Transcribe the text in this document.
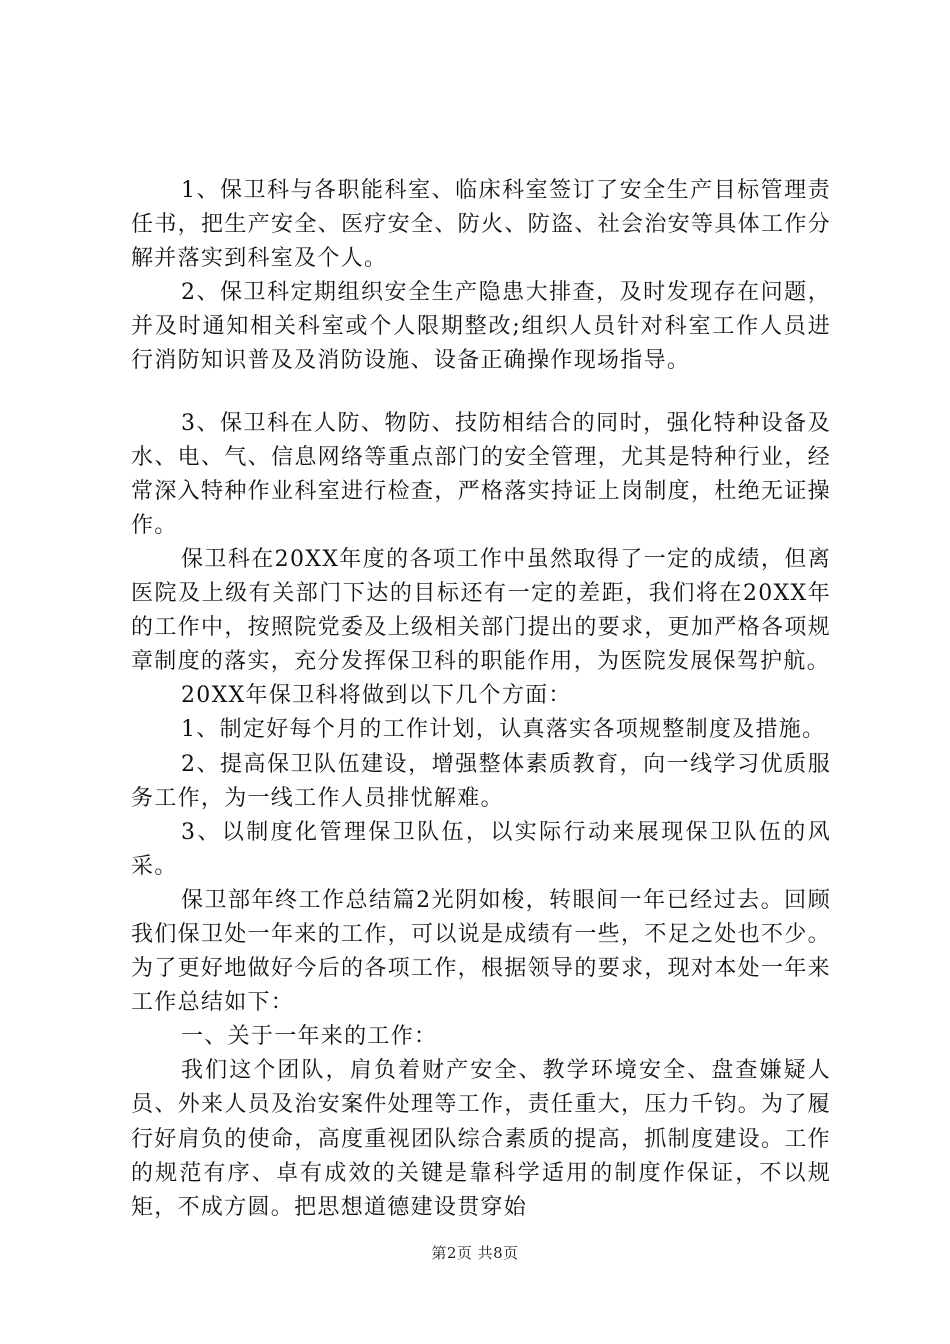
1、保卫科与各职能科室、临床科室签订了安全生产目标管理责任书，把生产安全、医疗安全、防火、防盗、社会治安等具体工作分解并落实到科室及个人。

2、保卫科定期组织安全生产隐患大排查，及时发现存在问题，并及时通知相关科室或个人限期整改;组织人员针对科室工作人员进行消防知识普及及消防设施、设备正确操作现场指导。

3、保卫科在人防、物防、技防相结合的同时，强化特种设备及水、电、气、信息网络等重点部门的安全管理，尤其是特种行业，经常深入特种作业科室进行检查，严格落实持证上岗制度，杜绝无证操作。

保卫科在20XX年度的各项工作中虽然取得了一定的成绩，但离医院及上级有关部门下达的目标还有一定的差距，我们将在20XX年的工作中，按照院党委及上级相关部门提出的要求，更加严格各项规章制度的落实，充分发挥保卫科的职能作用，为医院发展保驾护航。

20XX年保卫科将做到以下几个方面：

1、制定好每个月的工作计划，认真落实各项规整制度及措施。

2、提高保卫队伍建设，增强整体素质教育，向一线学习优质服务工作，为一线工作人员排忧解难。

3、以制度化管理保卫队伍，以实际行动来展现保卫队伍的风采。

保卫部年终工作总结篇2光阴如梭，转眼间一年已经过去。回顾我们保卫处一年来的工作，可以说是成绩有一些，不足之处也不少。为了更好地做好今后的各项工作，根据领导的要求，现对本处一年来工作总结如下：

一、关于一年来的工作：

我们这个团队，肩负着财产安全、教学环境安全、盘查嫌疑人员、外来人员及治安案件处理等工作，责任重大，压力千钧。为了履行好肩负的使命，高度重视团队综合素质的提高，抓制度建设。工作的规范有序、卓有成效的关键是靠科学适用的制度作保证，不以规矩，不成方圆。把思想道德建设贯穿始

第2页 共8页
